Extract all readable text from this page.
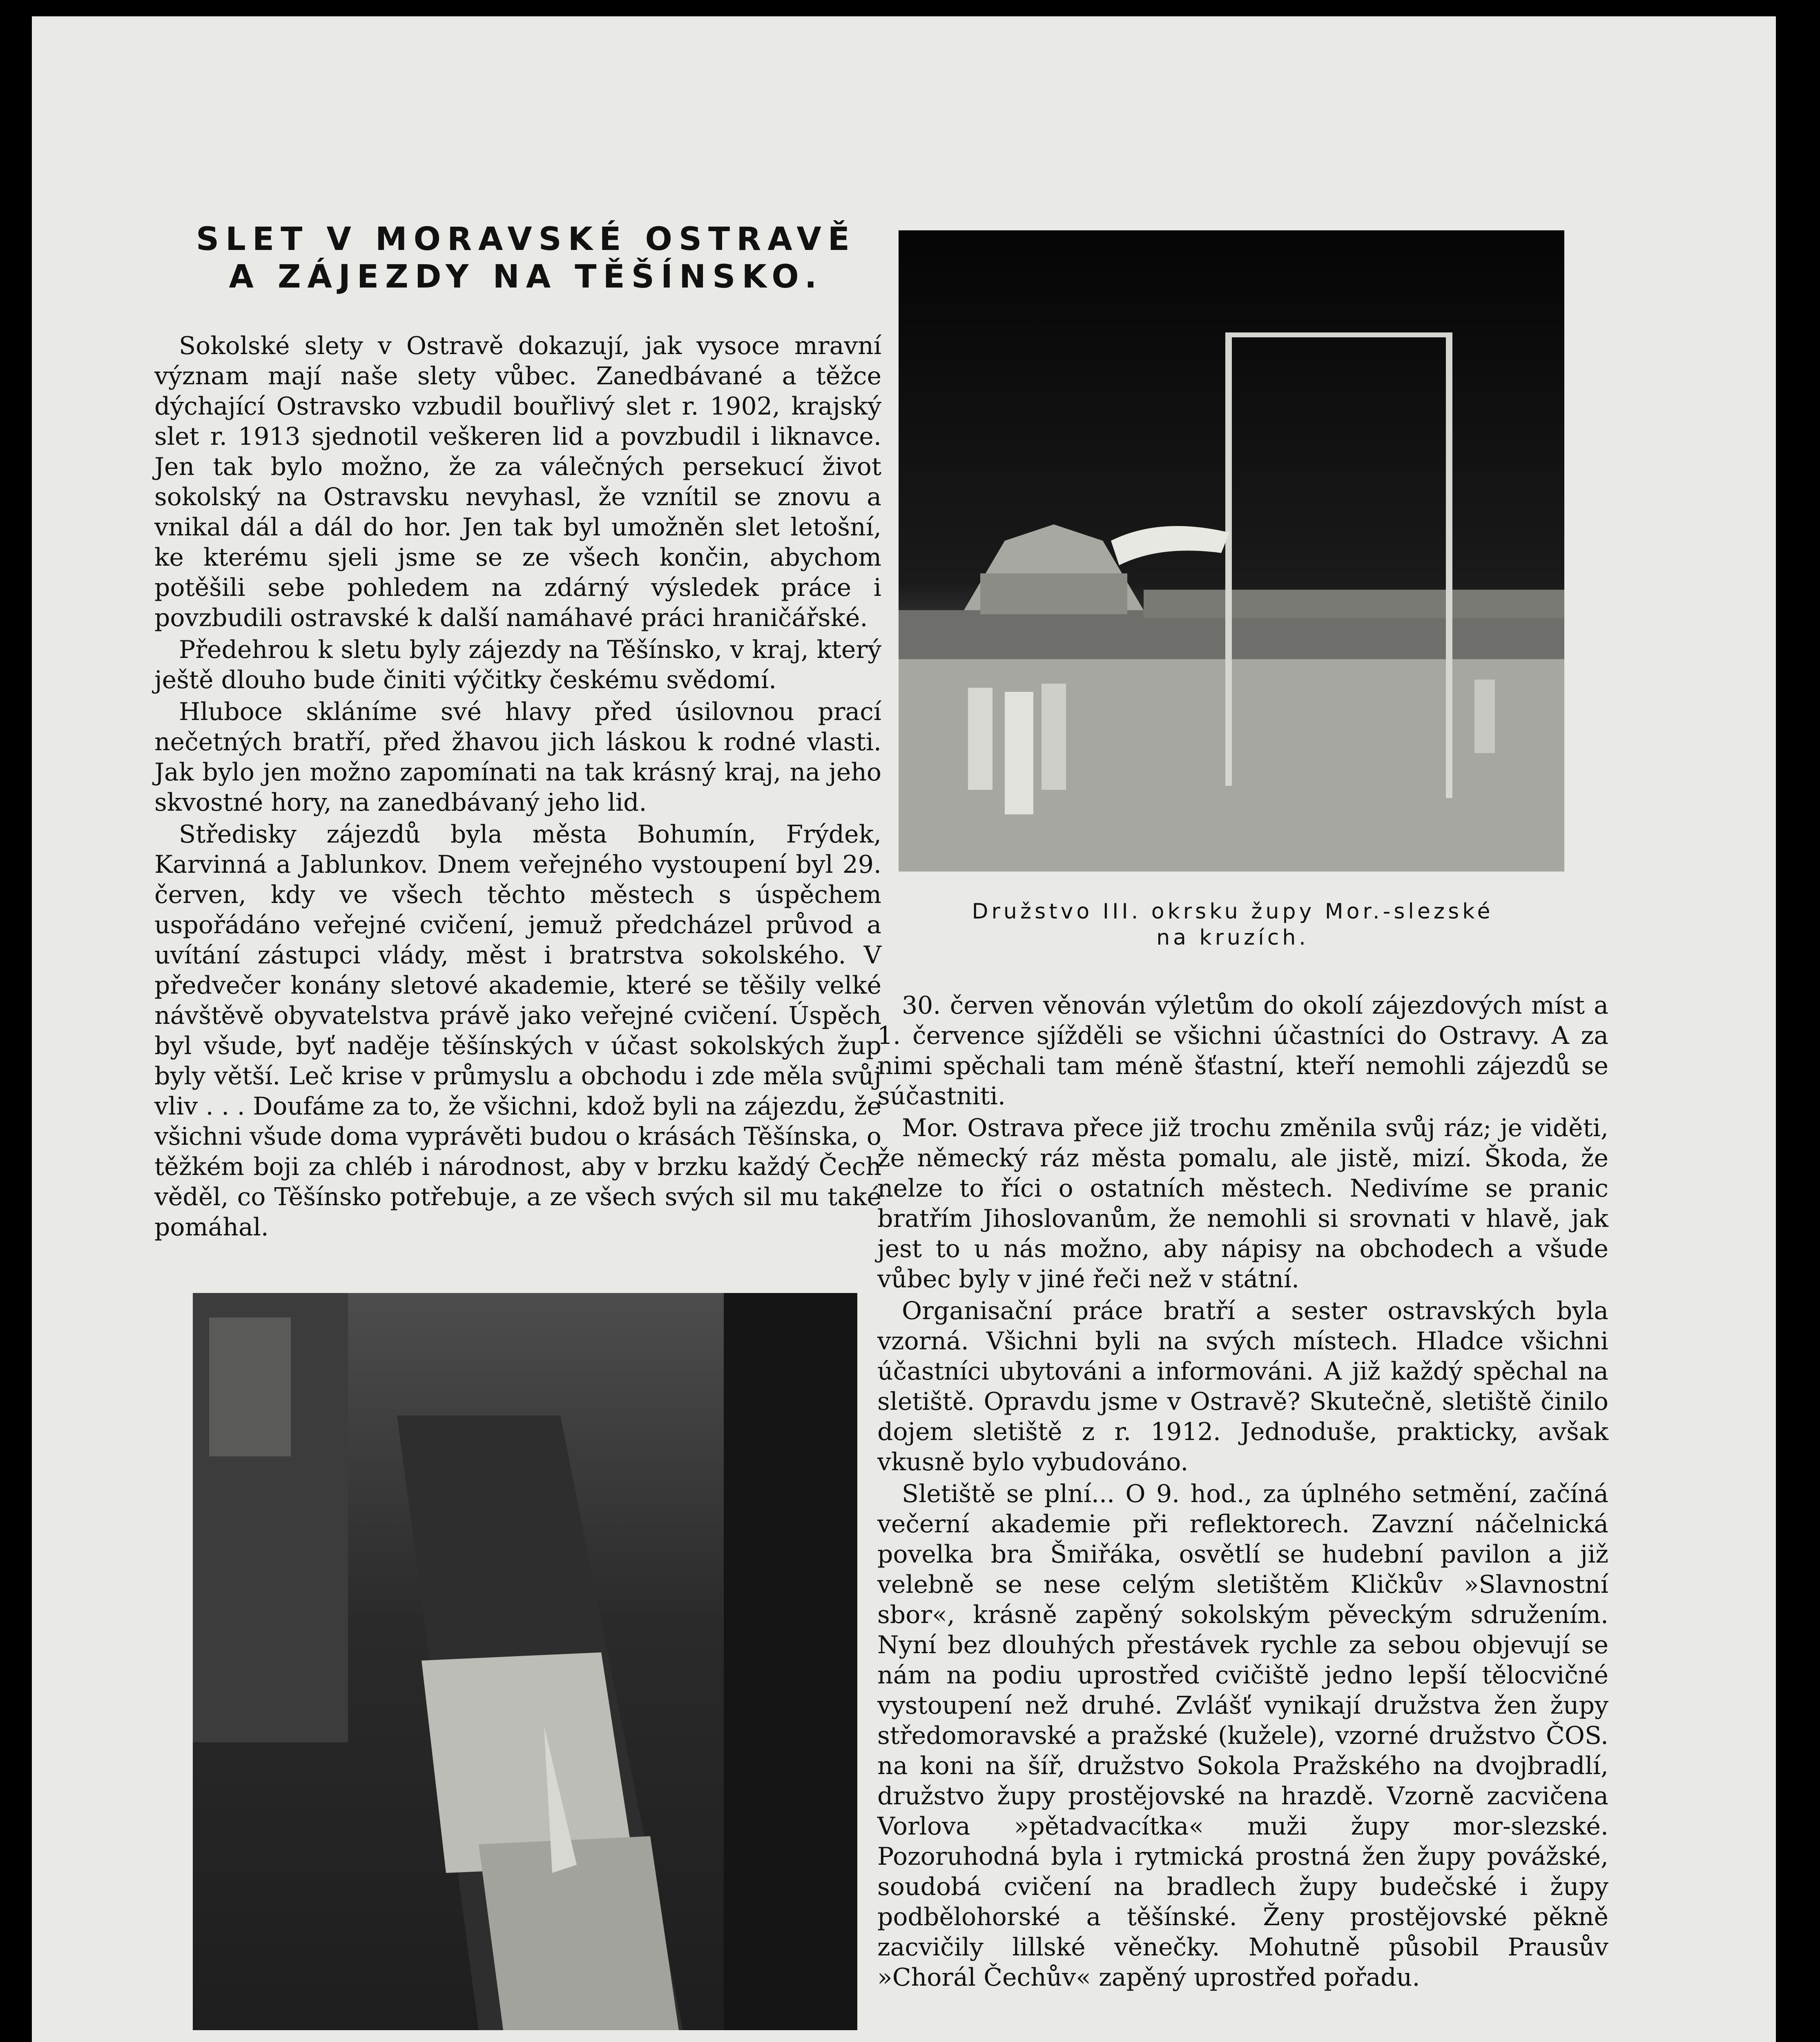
SLET V MORAVSKÉ OSTRAVĚ
A ZÁJEZDY NA TĚŠÍNSKO.

Sokolské slety v Ostravě dokazují, jak vysoce mravní význam mají naše slety vůbec. Zanedbávané a těžce dýchající Ostravsko vzbudil bouřlivý slet r. 1902, krajský slet r. 1913 sjednotil veškeren lid a povzbudil i liknavce. Jen tak bylo možno, že za válečných persekucí život sokolský na Ostravsku nevyhasl, že vznítil se znovu a vnikal dál a dál do hor. Jen tak byl umožněn slet letošní, ke kterému sjeli jsme se ze všech končin, abychom potěšili sebe pohledem na zdárný výsledek práce i povzbudili ostravské k další namáhavé práci hraničářské.

Předehrou k sletu byly zájezdy na Těšínsko, v kraj, který ještě dlouho bude činiti výčitky českému svědomí.

Hluboce skláníme své hlavy před úsilovnou prací nečetných bratří, před žhavou jich láskou k rodné vlasti. Jak bylo jen možno zapomínati na tak krásný kraj, na jeho skvostné hory, na zanedbávaný jeho lid.

Středisky zájezdů byla města Bohumín, Frýdek, Karvinná a Jablunkov. Dnem veřejného vystoupení byl 29. červen, kdy ve všech těchto městech s úspěchem uspořádáno veřejné cvičení, jemuž předcházel průvod a uvítání zástupci vlády, měst i bratrstva sokolského. V předvečer konány sletové akademie, které se těšily velké návštěvě obyvatelstva právě jako veřejné cvičení. Úspěch byl všude, byť naděje těšínských v účast sokolských žup byly větší. Leč krise v průmyslu a obchodu i zde měla svůj vliv . . . Doufáme za to, že všichni, kdož byli na zájezdu, že všichni všude doma vyprávěti budou o krásách Těšínska, o těžkém boji za chléb i národnost, aby v brzku každý Čech věděl, co Těšínsko potřebuje, a ze všech svých sil mu také pomáhal.

Družstvo III. okrsku župy Mor.-slezské
na kruzích.

30. červen věnován výletům do okolí zájezdových míst a 1. července sjížděli se všichni účastníci do Ostravy. A za nimi spěchali tam méně šťastní, kteří nemohli zájezdů se súčastniti.

Mor. Ostrava přece již trochu změnila svůj ráz; je viděti, že německý ráz města pomalu, ale jistě, mizí. Škoda, že nelze to říci o ostatních městech. Nedivíme se pranic bratřím Jihoslovanům, že nemohli si srovnati v hlavě, jak jest to u nás možno, aby nápisy na obchodech a všude vůbec byly v jiné řeči než v státní.

Organisační práce bratří a sester ostravských byla vzorná. Všichni byli na svých místech. Hladce všichni účastníci ubytováni a informováni. A již každý spěchal na sletiště. Opravdu jsme v Ostravě? Skutečně, sletiště činilo dojem sletiště z r. 1912. Jednoduše, prakticky, avšak vkusně bylo vybudováno.

Sletiště se plní... O 9. hod., za úplného setmění, začíná večerní akademie při reflektorech. Zavzní náčelnická povelka bra Šmiřáka, osvětlí se hudební pavilon a již velebně se nese celým sletištěm Kličkův »Slavnostní sbor«, krásně zapěný sokolským pěveckým sdružením. Nyní bez dlouhých přestávek rychle za sebou objevují se nám na podiu uprostřed cvičiště jedno lepší tělocvičné vystoupení než druhé. Zvlášť vynikají družstva žen župy středomoravské a pražské (kužele), vzorné družstvo ČOS. na koni na šíř, družstvo Sokola Pražského na dvojbradlí, družstvo župy prostějovské na hrazdě. Vzorně zacvičena Vorlova »pětadvacítka« muži župy mor-slezské. Pozoruhodná byla i rytmická prostná žen župy povážské, soudobá cvičení na bradlech župy budečské i župy podbělohorské a těšínské. Ženy prostějovské pěkně zacvičily lillské věnečky. Mohutně působil Prausův »Chorál Čechův« zapěný uprostřed pořadu.
